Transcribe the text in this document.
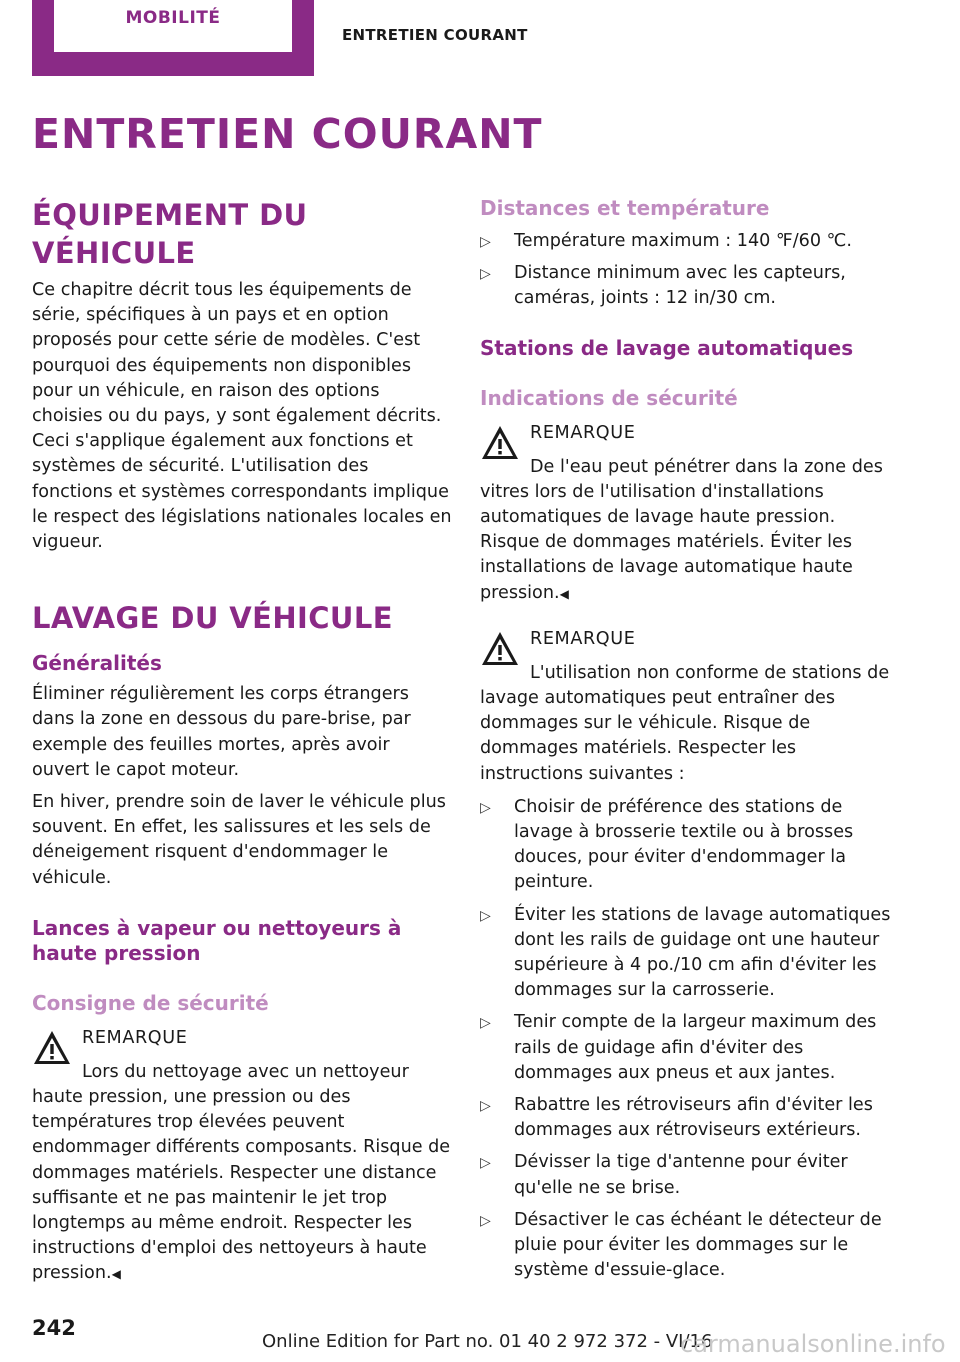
MOBILITÉ
ENTRETIEN COURANT
ENTRETIEN COURANT
ÉQUIPEMENT DU VÉHICULE

Ce chapitre décrit tous les équipements de série, spécifiques à un pays et en option proposés pour cette série de modèles. C'est pourquoi des équipements non disponibles pour un véhicule, en raison des options choisies ou du pays, y sont également décrits. Ceci s'applique également aux fonctions et systèmes de sécurité. L'utilisation des fonctions et systèmes correspondants implique le respect des législations nationales locales en vigueur.

LAVAGE DU VÉHICULE
Généralités

Éliminer régulièrement les corps étrangers dans la zone en dessous du pare-brise, par exemple des feuilles mortes, après avoir ouvert le capot moteur.

En hiver, prendre soin de laver le véhicule plus souvent. En effet, les salissures et les sels de déneigement risquent d'endommager le véhicule.

Lances à vapeur ou nettoyeurs à haute pression
Consigne de sécurité
REMARQUE

Lors du nettoyage avec un nettoyeur haute pression, une pression ou des températures trop élevées peuvent endommager différents composants. Risque de dommages matériels. Respecter une distance suffisante et ne pas maintenir le jet trop longtemps au même endroit. Respecter les instructions d'emploi des nettoyeurs à haute pression.◀

Distances et température
▷ Température maximum : 140 ℉/60 ℃.
▷ Distance minimum avec les capteurs, caméras, joints : 12 in/30 cm.
Stations de lavage automatiques
Indications de sécurité
REMARQUE

De l'eau peut pénétrer dans la zone des vitres lors de l'utilisation d'installations automatiques de lavage haute pression. Risque de dommages matériels. Éviter les installations de lavage automatique haute pression.◀

REMARQUE

L'utilisation non conforme de stations de lavage automatiques peut entraîner des dommages sur le véhicule. Risque de dommages matériels. Respecter les instructions suivantes :

▷ Choisir de préférence des stations de lavage à brosserie textile ou à brosses douces, pour éviter d'endommager la peinture.
▷ Éviter les stations de lavage automatiques dont les rails de guidage ont une hauteur supérieure à 4 po./10 cm afin d'éviter les dommages sur la carrosserie.
▷ Tenir compte de la largeur maximum des rails de guidage afin d'éviter des dommages aux pneus et aux jantes.
▷ Rabattre les rétroviseurs afin d'éviter les dommages aux rétroviseurs extérieurs.
▷ Dévisser la tige d'antenne pour éviter qu'elle ne se brise.
▷ Désactiver le cas échéant le détecteur de pluie pour éviter les dommages sur le système d'essuie-glace.
242
Online Edition for Part no. 01 40 2 972 372 - VI/16
carmanualsonline.info
